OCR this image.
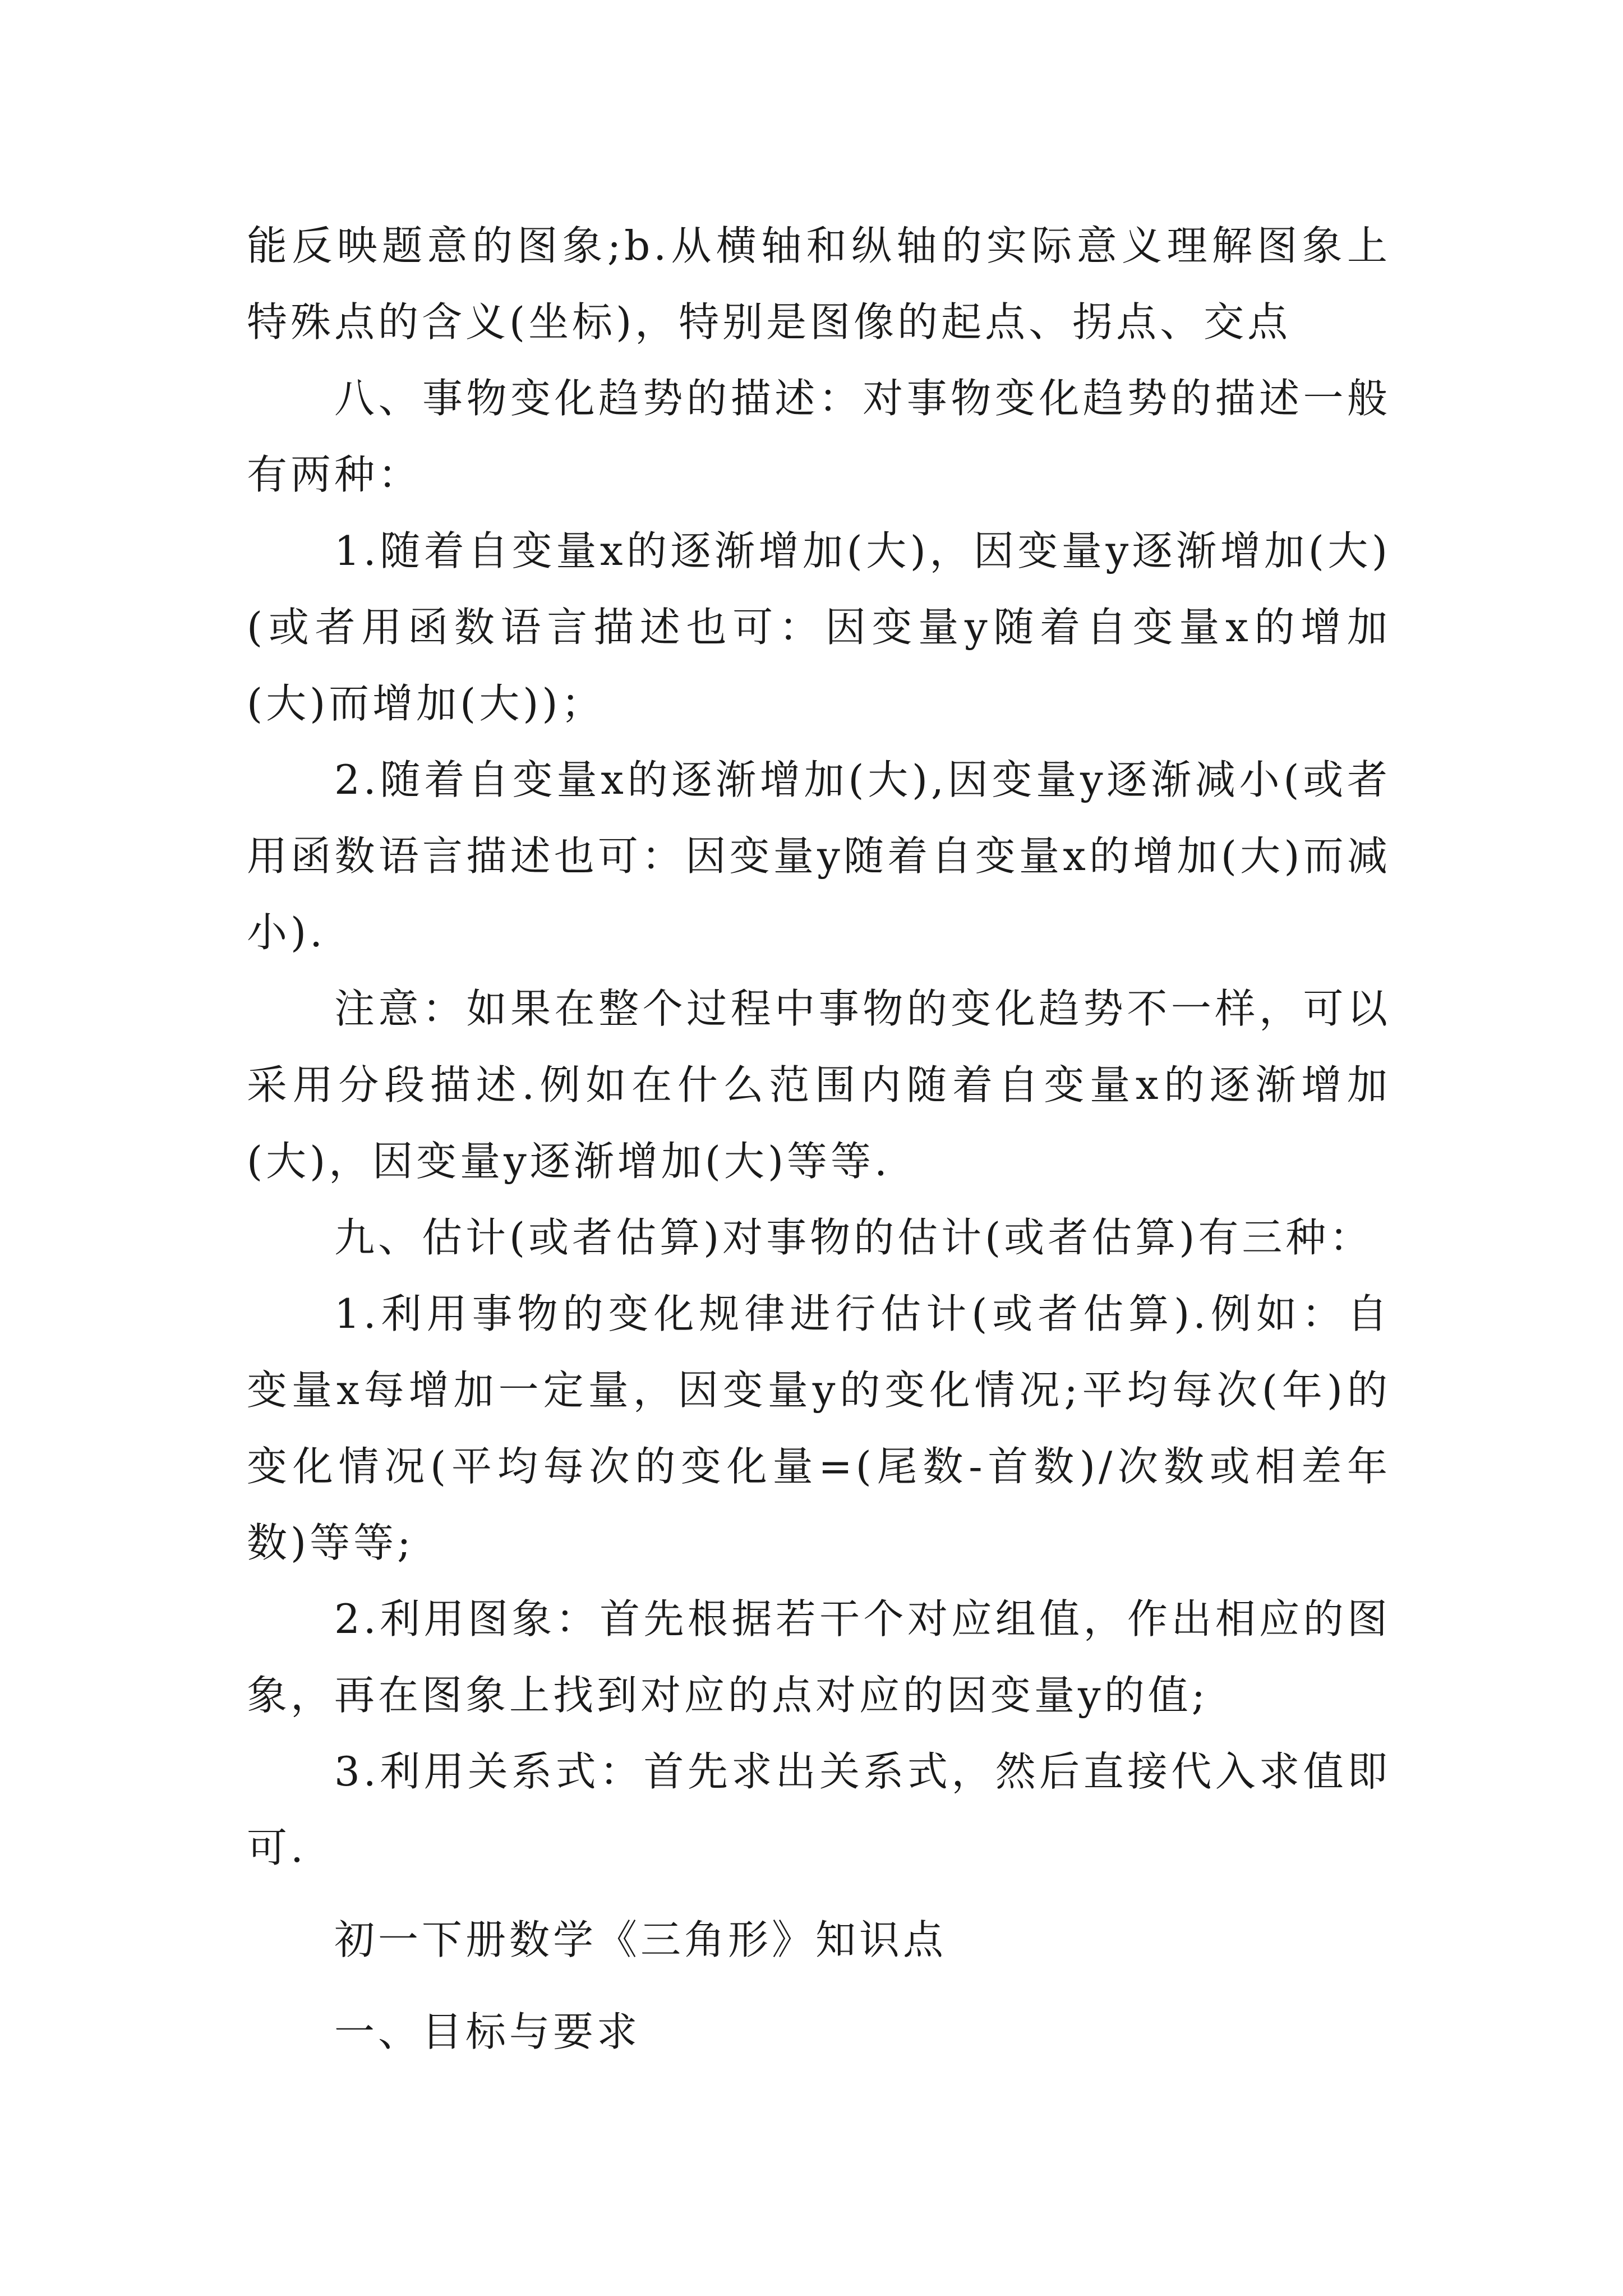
能反映题意的图象;b.从横轴和纵轴的实际意义理解图象上特殊点的含义(坐标)，特别是图像的起点、拐点、交点

八、事物变化趋势的描述：对事物变化趋势的描述一般有两种：

1.随着自变量x的逐渐增加(大)，因变量y逐渐增加(大)(或者用函数语言描述也可：因变量y随着自变量x的增加(大)而增加(大))；

2.随着自变量x的逐渐增加(大),因变量y逐渐减小(或者用函数语言描述也可：因变量y随着自变量x的增加(大)而减小).

注意：如果在整个过程中事物的变化趋势不一样，可以采用分段描述.例如在什么范围内随着自变量x的逐渐增加(大)，因变量y逐渐增加(大)等等.

九、估计(或者估算)对事物的估计(或者估算)有三种：

1.利用事物的变化规律进行估计(或者估算).例如：自变量x每增加一定量，因变量y的变化情况;平均每次(年)的变化情况(平均每次的变化量=(尾数-首数)/次数或相差年数)等等;

2.利用图象：首先根据若干个对应组值，作出相应的图象，再在图象上找到对应的点对应的因变量y的值;

3.利用关系式：首先求出关系式，然后直接代入求值即可.

初一下册数学《三角形》知识点

一、目标与要求
